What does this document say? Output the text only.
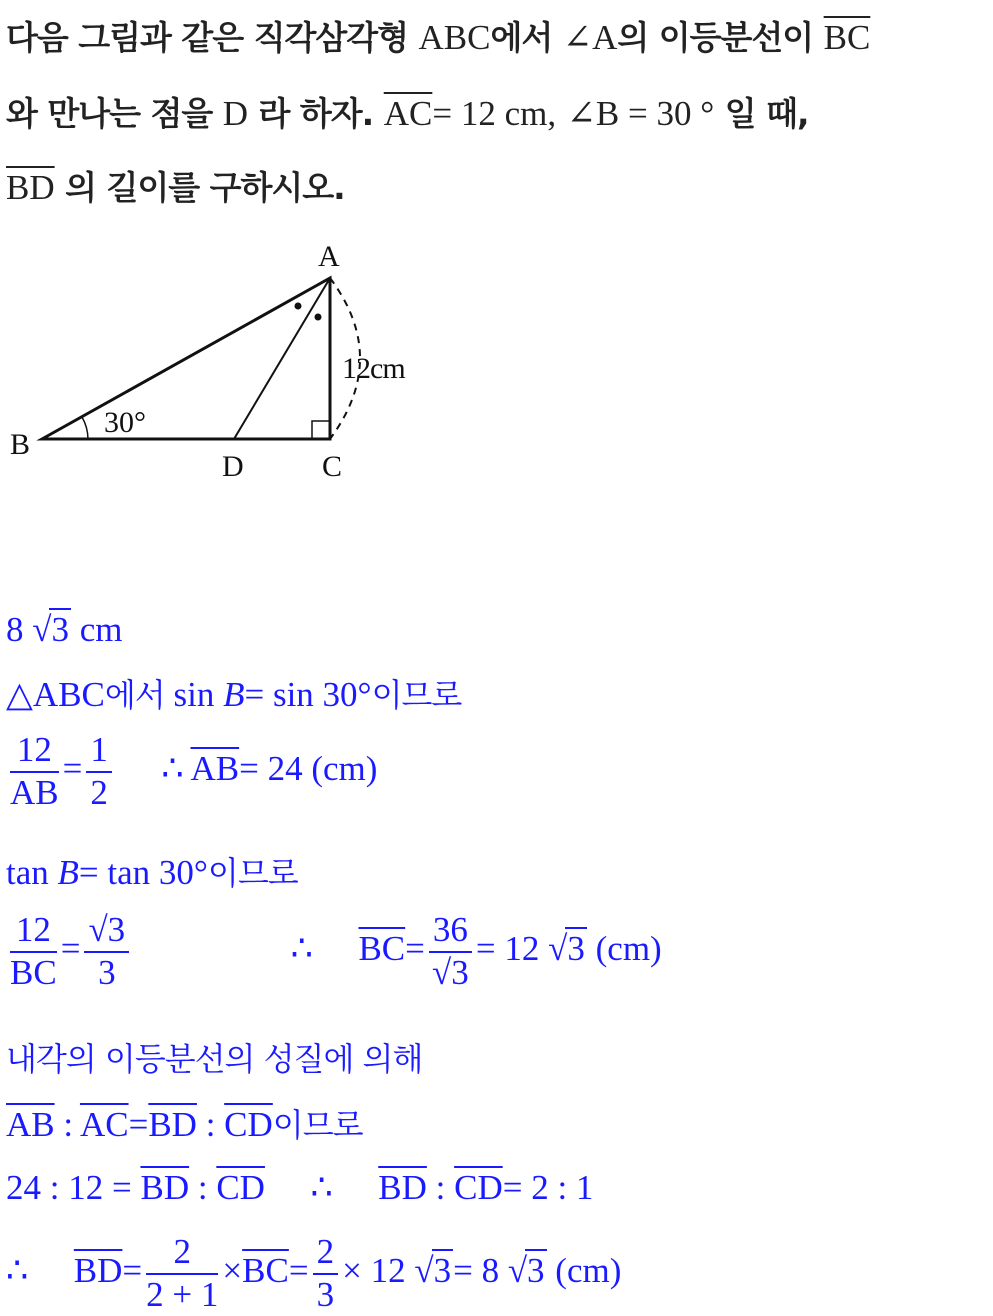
다음 그림과 같은 직각삼각형 ABC에서 ∠A의 이등분선이 $\overline{BC}$
와 만나는 점을 D 라 하자. $\overline{AC}= 12$ cm, ∠B = 30 ° 일 때,
$\overline{BD}$ 의 길이를 구하시오.
A
B
C
D
12cm
30°
8 √3 cm
△ABC에서 sin B= sin 30°이므로
$\frac{12}{AB} = \frac{1}{2}$ ∴ $\overline{AB}= 24$ (cm)
tan B= tan 30°이므로
$\frac{12}{BC} = \frac{√3}{3}$	∴ $\overline{BC}= \frac{36}{√3} = 12$ √3 (cm)
내각의 이등분선의 성질에 의해
$\overline{AB}$ : $\overline{AC}=\overline{BD}$ : $\overline{CD}$이므로
24 : $12 = \overline{BD}$ : $\overline{CD}$ ∴ $\overline{BD}$ : $\overline{CD}= 2$ : 1
∴ $\overline{BD}= \frac{2}{2 + 1} \times\overline{BC}= \frac{2}{3} \times 12$ √3= 8 √3 (cm)
